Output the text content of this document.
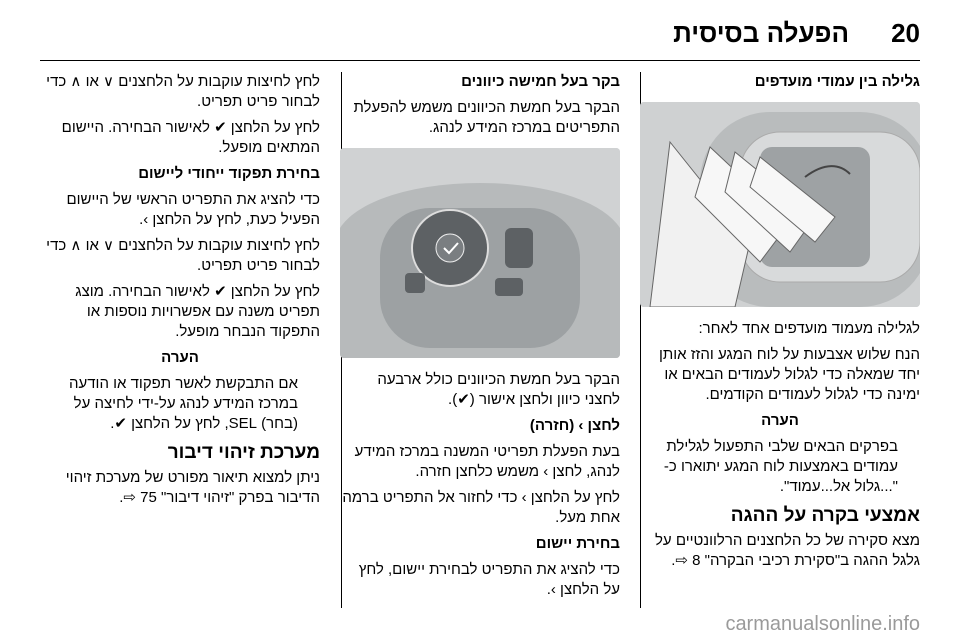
20
הפעלה בסיסית

גלילה בין עמודי מועדפים

לגלילה מעמוד מועדפים אחד לאחר:

הנח שלוש אצבעות על לוח המגע והזז אותן יחד שמאלה כדי לגלול לעמודים הבאים או ימינה כדי לגלול לעמודים הקודמים.

הערה

בפרקים הבאים שלבי התפעול לגלילת עמודים באמצעות לוח המגע יתוארו כ-"...גלול אל...עמוד".

אמצעי בקרה על ההגה

מצא סקירה של כל הלחצנים הרלוונטיים על גלגל ההגה ב"סקירת רכיבי הבקרה" 8 ⇨.

בקר בעל חמישה כיוונים

הבקר בעל חמשת הכיוונים משמש להפעלת התפריטים במרכז המידע לנהג.

הבקר בעל חמשת הכיוונים כולל ארבעה לחצני כיוון ולחצן אישור (✔).

לחצן › (חזרה)

בעת הפעלת תפריטי המשנה במרכז המידע לנהג, לחצן › משמש כלחצן חזרה.

לחץ על הלחצן › כדי לחזור אל התפריט ברמה אחת מעל.

בחירת יישום

כדי להציג את התפריט לבחירת יישום, לחץ על הלחצן ›.

לחץ לחיצות עוקבות על הלחצנים ∨ או ∧ כדי לבחור פריט תפריט.

לחץ על הלחצן ✔ לאישור הבחירה. היישום המתאים מופעל.

בחירת תפקוד ייחודי ליישום

כדי להציג את התפריט הראשי של היישום הפעיל כעת, לחץ על הלחצן ›.

לחץ לחיצות עוקבות על הלחצנים ∨ או ∧ כדי לבחור פריט תפריט.

לחץ על הלחצן ✔ לאישור הבחירה. מוצג תפריט משנה עם אפשרויות נוספות או התפקוד הנבחר מופעל.

הערה

אם התבקשת לאשר תפקוד או הודעה במרכז המידע לנהג על-ידי לחיצה על (בחר) SEL, לחץ על הלחצן ✔.

מערכת זיהוי דיבור

ניתן למצוא תיאור מפורט של מערכת זיהוי הדיבור בפרק "זיהוי דיבור" 75 ⇨.

carmanualsonline.info
